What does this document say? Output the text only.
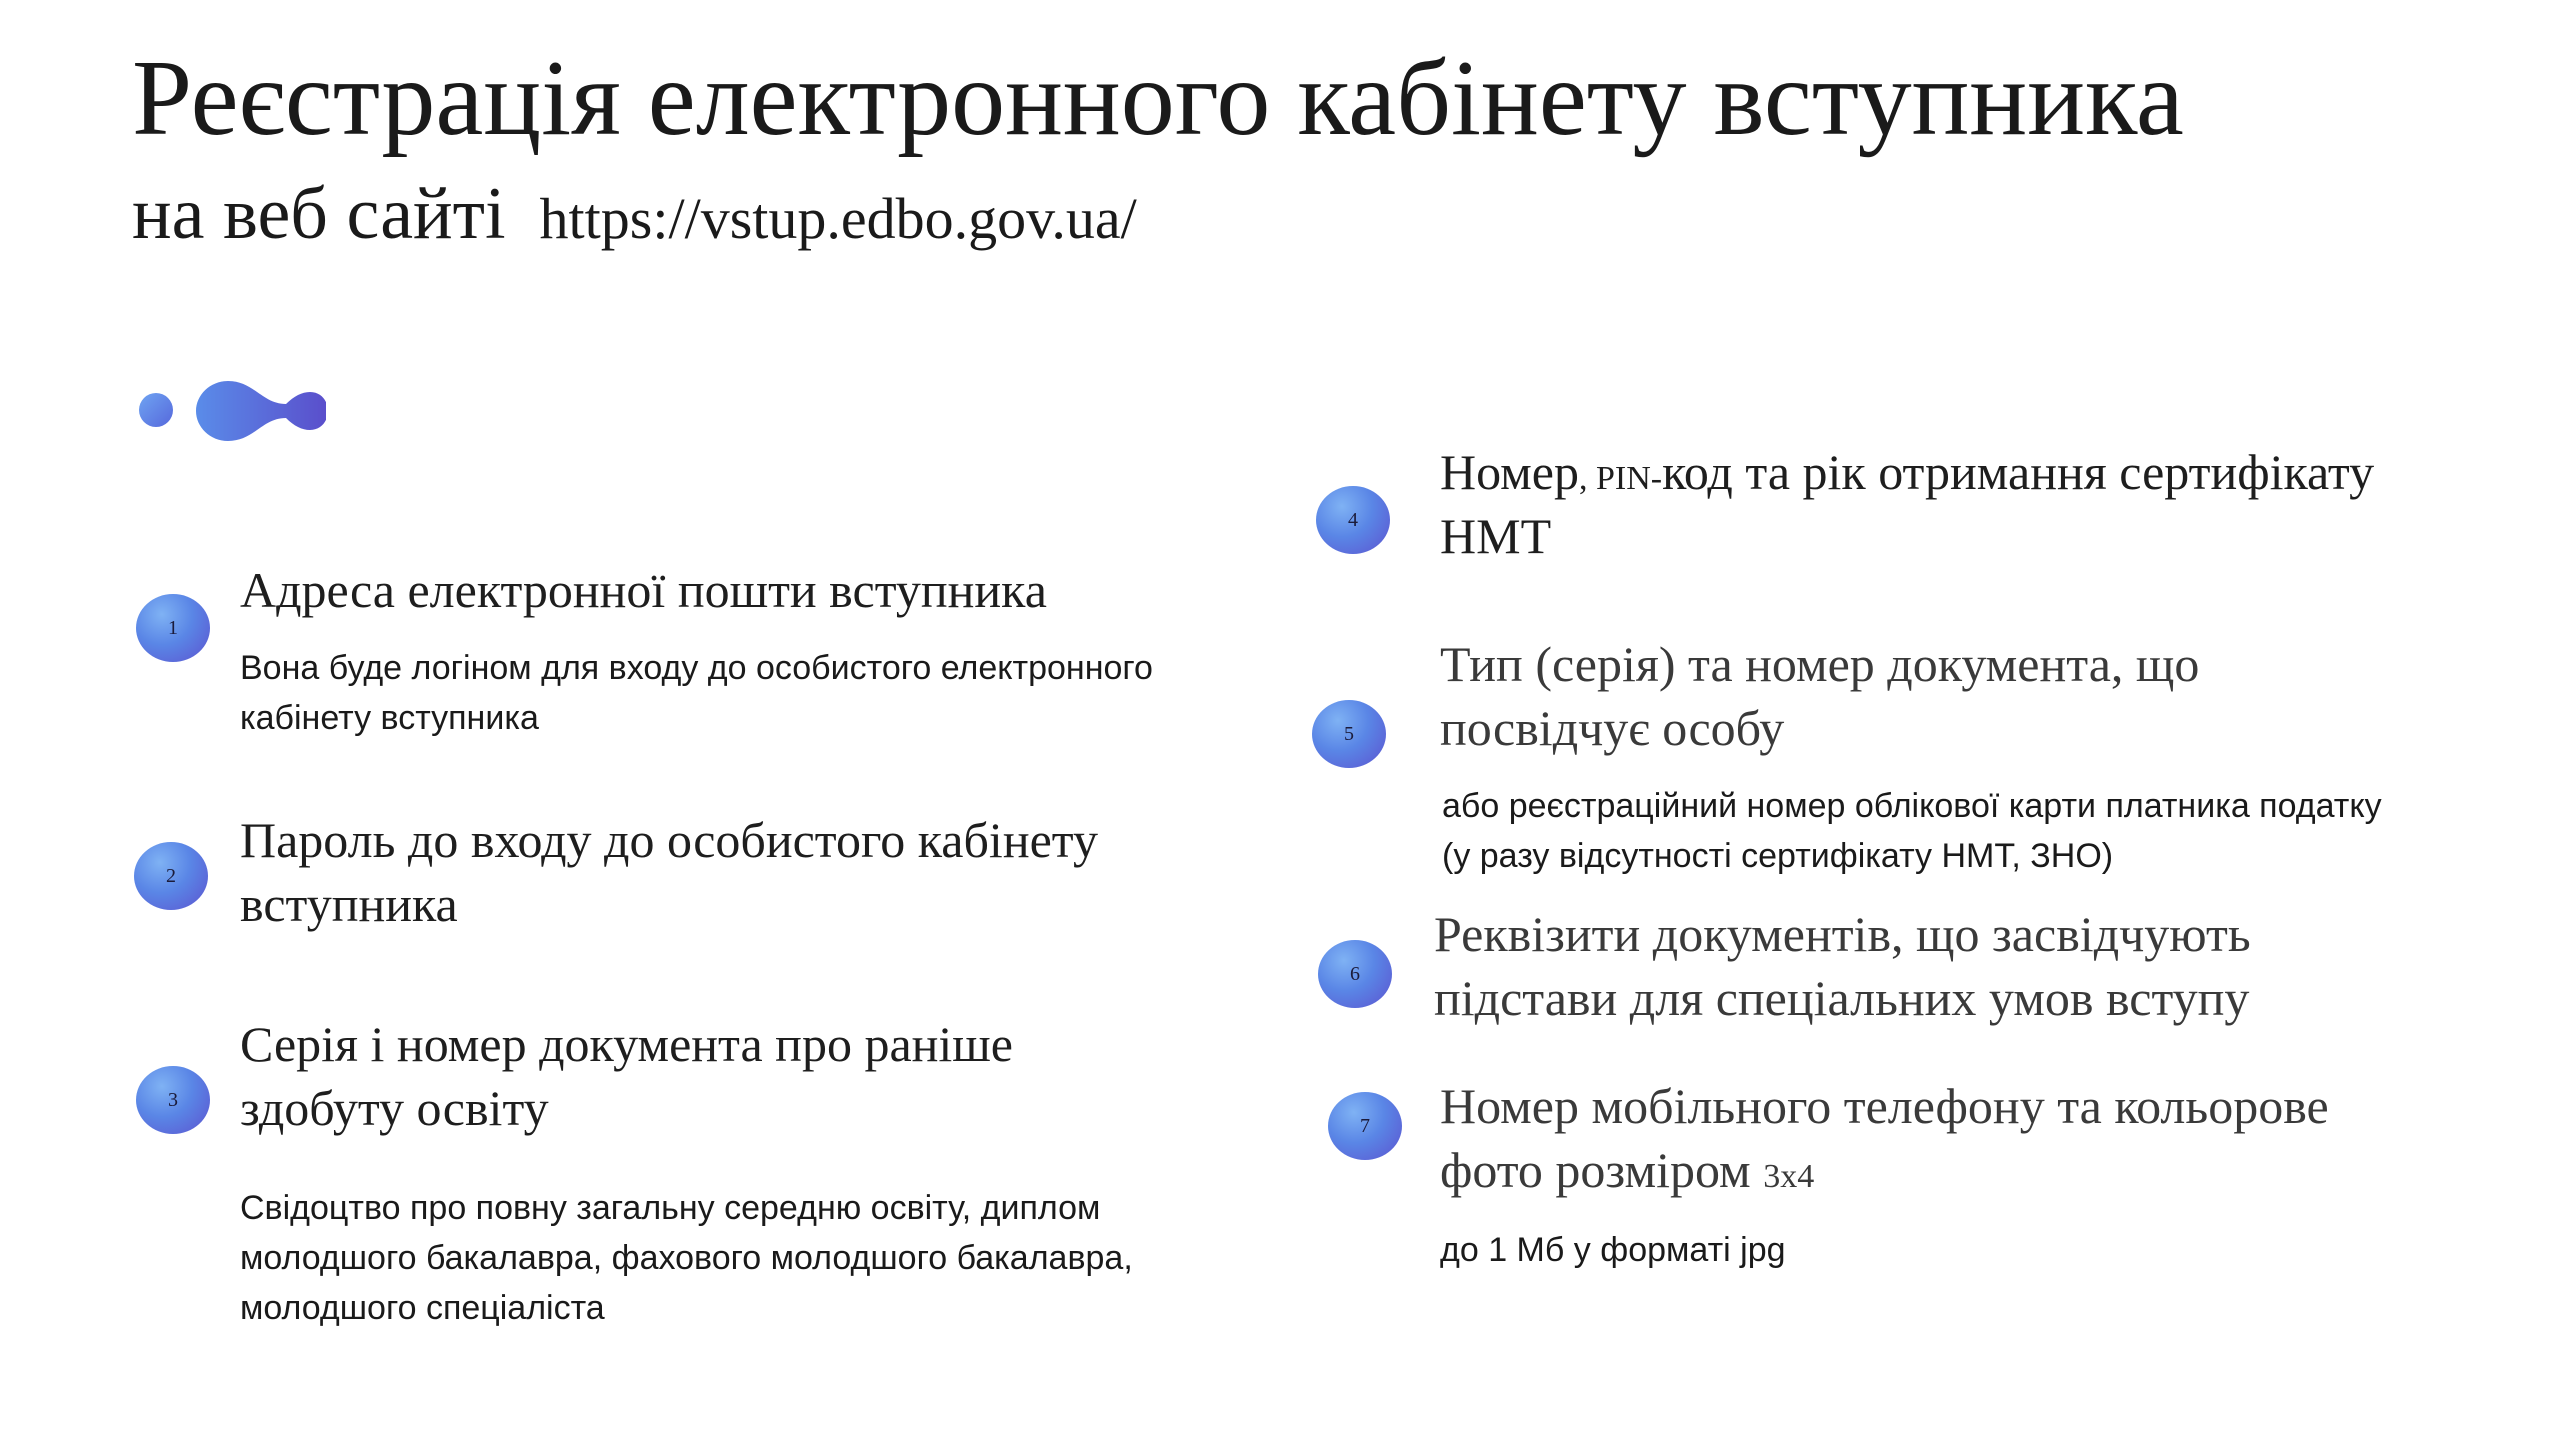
Реєстрація електронного кабінету вступника
на веб сайті https://vstup.edbo.gov.ua/
1
Адреса електронної пошти вступника
Вона буде логіном для входу до особистого електронного
кабінету вступника
2
Пароль до входу до особистого кабінету
вступника
3
Серія і номер документа про раніше
здобуту освіту
Свідоцтво про повну загальну середню освіту, диплом
молодшого бакалавра, фахового молодшого бакалавра,
молодшого спеціаліста
4
Номер, PIN-код та рік отримання сертифікату
НМТ
5
Тип (серія) та номер документа, що
посвідчує особу
або реєстраційний номер облікової карти платника податку
(у разу відсутності сертифікату НМТ, ЗНО)
6
Реквізити документів, що засвідчують
підстави для спеціальних умов вступу
7	Номер мобільного телефону та кольорове
фото розміром 3x4
до 1 Мб у форматі jpg
